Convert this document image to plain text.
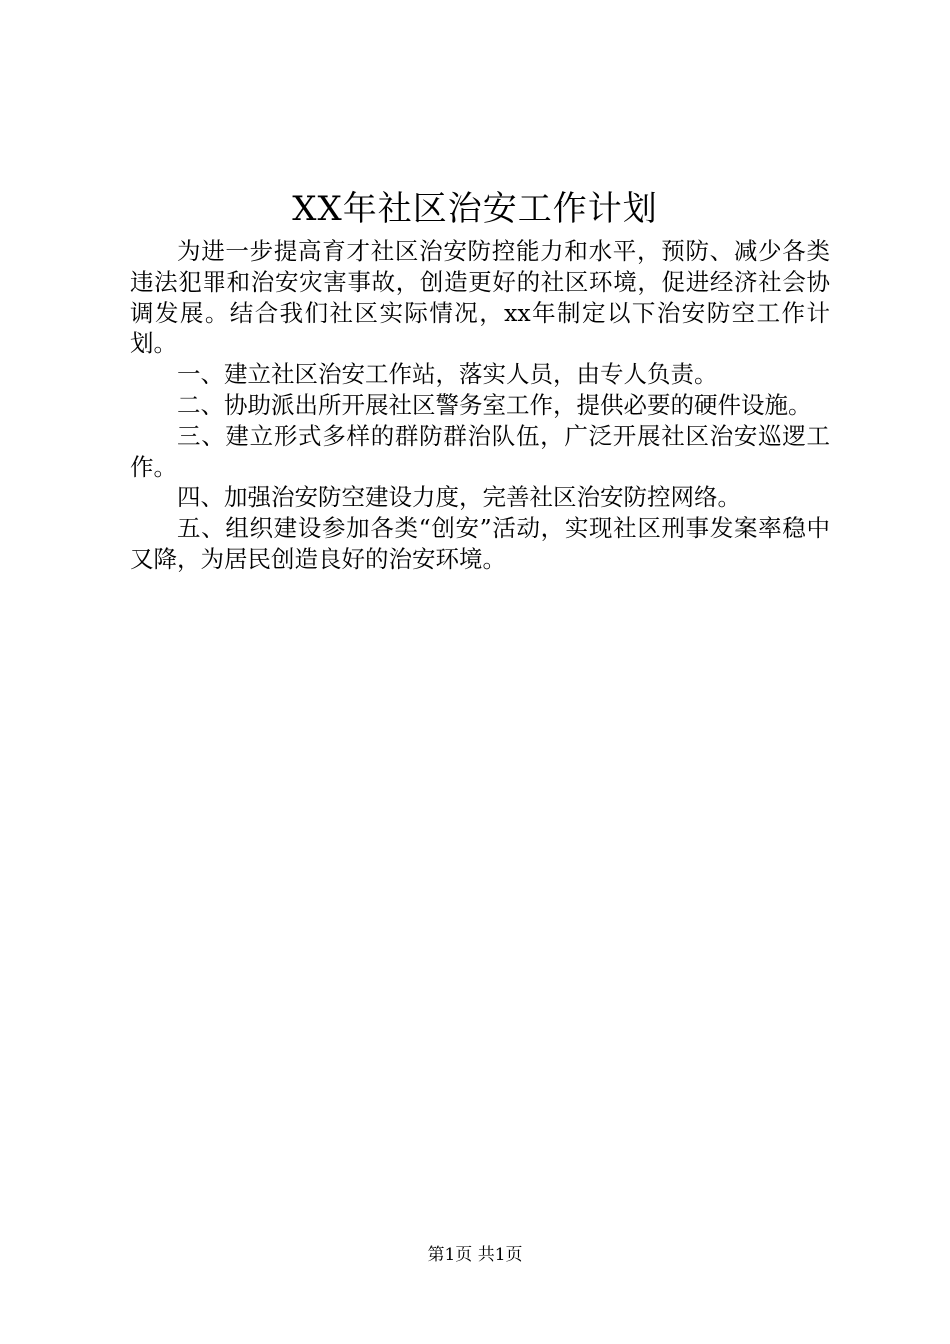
XX年社区治安工作计划

为进一步提高育才社区治安防控能力和水平，预防、减少各类违法犯罪和治安灾害事故，创造更好的社区环境，促进经济社会协调发展。结合我们社区实际情况，xx年制定以下治安防空工作计划。

一、建立社区治安工作站，落实人员，由专人负责。

二、协助派出所开展社区警务室工作，提供必要的硬件设施。

三、建立形式多样的群防群治队伍，广泛开展社区治安巡逻工作。

四、加强治安防空建设力度，完善社区治安防控网络。

五、组织建设参加各类“创安”活动，实现社区刑事发案率稳中又降，为居民创造良好的治安环境。

第1页 共1页
